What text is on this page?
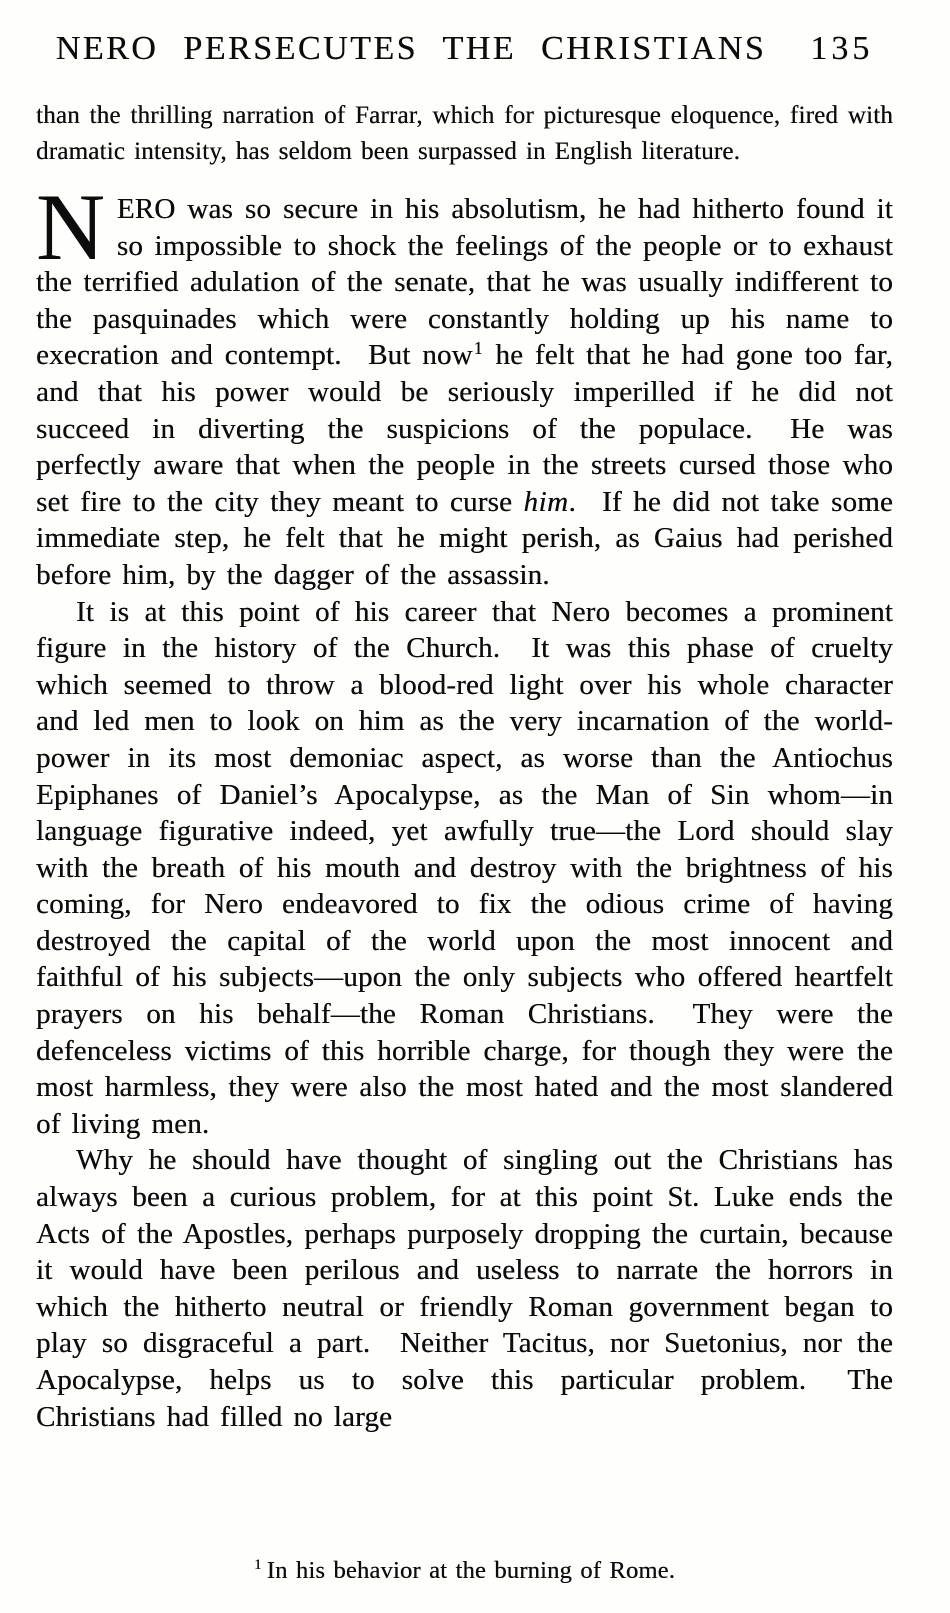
NERO PERSECUTES THE CHRISTIANS 135

than the thrilling narration of Farrar, which for picturesque eloquence, fired with dramatic intensity, has seldom been surpassed in English literature.

NERO was so secure in his absolutism, he had hitherto found it so impossible to shock the feelings of the people or to exhaust the terrified adulation of the senate, that he was usually indifferent to the pasquinades which were constantly holding up his name to execration and contempt.  But now$^1$ he felt that he had gone too far, and that his power would be seriously imperilled if he did not succeed in diverting the suspicions of the populace.  He was perfectly aware that when the people in the streets cursed those who set fire to the city they meant to curse him.  If he did not take some immediate step, he felt that he might perish, as Gaius had perished before him, by the dagger of the assassin.

It is at this point of his career that Nero becomes a prominent figure in the history of the Church.  It was this phase of cruelty which seemed to throw a blood-red light over his whole character and led men to look on him as the very incarnation of the world-power in its most demoniac aspect, as worse than the Antiochus Epiphanes of Daniel’s Apocalypse, as the Man of Sin whom—in language figurative indeed, yet awfully true—the Lord should slay with the breath of his mouth and destroy with the brightness of his coming, for Nero endeavored to fix the odious crime of having destroyed the capital of the world upon the most innocent and faithful of his subjects—upon the only subjects who offered heartfelt prayers on his behalf—the Roman Christians.  They were the defenceless victims of this horrible charge, for though they were the most harmless, they were also the most hated and the most slandered of living men.

Why he should have thought of singling out the Christians has always been a curious problem, for at this point St. Luke ends the Acts of the Apostles, perhaps purposely dropping the curtain, because it would have been perilous and useless to narrate the horrors in which the hitherto neutral or friendly Roman government began to play so disgraceful a part.  Neither Tacitus, nor Suetonius, nor the Apocalypse, helps us to solve this particular problem.  The Christians had filled no large

$^1$ In his behavior at the burning of Rome.
